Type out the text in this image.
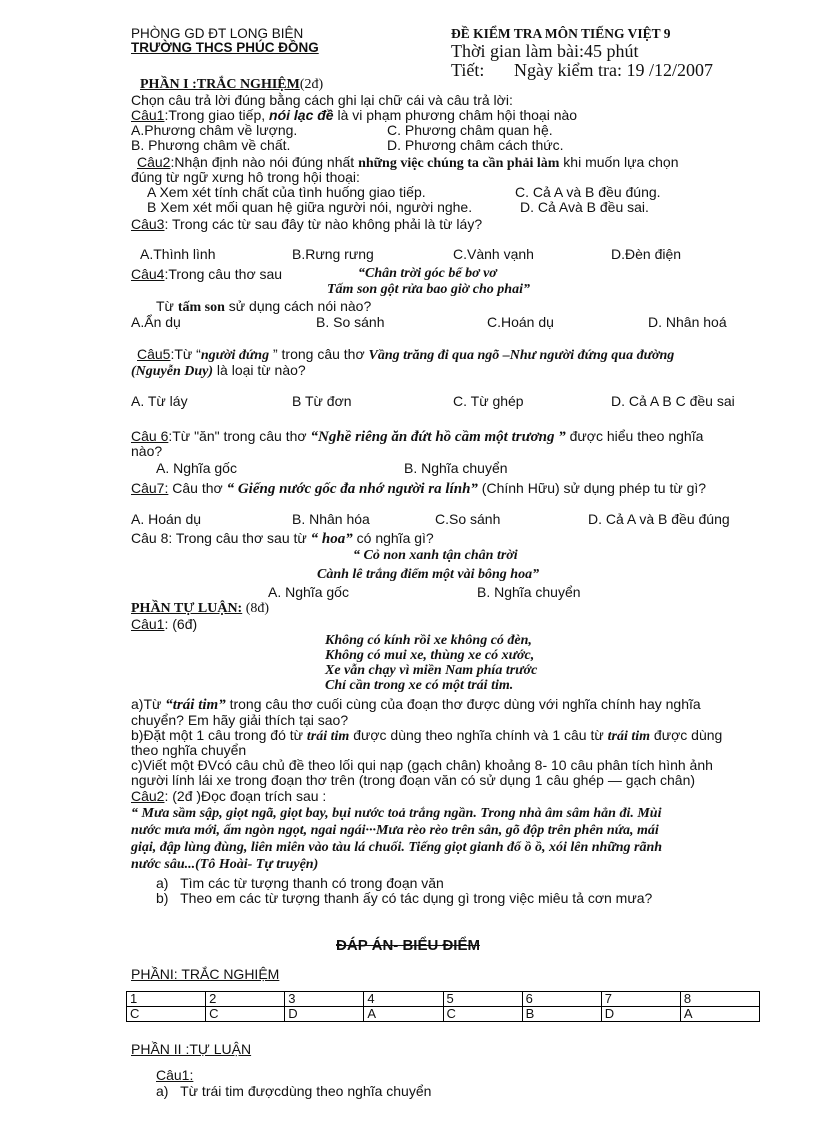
PHÒNG GD ĐT LONG BIÊN
TRƯỜNG THCS PHÚC ĐỒNG
ĐỀ KIỂM TRA MÔN TIẾNG VIỆT 9
Thời gian làm bài:45 phút
Tiết: Ngày kiểm tra: 19 /12/2007
PHẦN I :TRẮC NGHIỆM(2đ)
Chọn câu trả lời đúng bằng cách ghi lại chữ cái và câu trả lời:
Câu1:Trong giao tiếp, nói lạc đề là vi phạm phương châm hội thoại nào
A.Phương châm về lượng.	C. Phương châm quan hệ.
B. Phương châm về chất.	D. Phương châm cách thức.
Câu2:Nhận định nào nói đúng nhất những việc chúng ta cần phải làm khi muốn lựa chọn
đúng từ ngữ xưng hô trong hội thoại:
A Xem xét tính chất của tình huống giao tiếp.	C. Cả A và B đều đúng.
B Xem xét mối quan hệ giữa người nói, người nghe.	D. Cả Avà B đều sai.
Câu3: Trong các từ sau đây từ nào không phải là từ láy?
A.Thình lình	B.Rưng rưng	C.Vành vạnh	D.Đèn điện
Câu4:Trong câu thơ sau	“Chân trời góc bể bơ vơ
Tấm son gột rửa bao giờ cho phai”
Từ tấm son sử dụng cách nói nào?
A.Ẩn dụ	B. So sánh	C.Hoán dụ	D. Nhân hoá
Câu5:Từ “người đứng ” trong câu thơ Vầng trăng đi qua ngõ –Như người đứng qua đường
(Nguyễn Duy) là loại từ nào?
A. Từ láy	B Từ đơn	C. Từ ghép	D. Cả A B C đều sai
Câu 6:Từ "ăn" trong câu thơ “Nghề riêng ăn đứt hồ cầm một trương ” được hiểu theo nghĩa
nào?
A. Nghĩa gốc	B. Nghĩa chuyển
Câu7: Câu thơ “ Giếng nước gốc đa nhớ người ra lính” (Chính Hữu) sử dụng phép tu từ gì?
A. Hoán dụ	B. Nhân hóa	C.So sánh	D. Cả A và B đều đúng
Câu 8: Trong câu thơ sau từ “ hoa” có nghĩa gì?
“ Cỏ non xanh tận chân trời
Cành lê trắng điểm một vài bông hoa”
A. Nghĩa gốc	B. Nghĩa chuyển
PHẦN TỰ LUẬN: (8đ)
Câu1: (6đ)
Không có kính rồi xe không có đèn,
Không có mui xe, thùng xe có xước,
Xe vẫn chạy vì miền Nam phía trước
Chỉ cần trong xe có một trái tim.
a)Từ “trái tim” trong câu thơ cuối cùng của đoạn thơ được dùng với nghĩa chính hay nghĩa
chuyển? Em hãy giải thích tại sao?
b)Đặt một 1 câu trong đó từ trái tim được dùng theo nghĩa chính và 1 câu từ trái tim được dùng
theo nghĩa chuyển
c)Viết một ĐVcó câu chủ đề theo lối qui nạp (gạch chân) khoảng 8- 10 câu phân tích hình ảnh
người lính lái xe trong đoạn thơ trên (trong đoạn văn có sử dụng 1 câu ghép — gạch chân)
Câu2: (2đ )Đọc đoạn trích sau :
“ Mưa sầm sập, giọt ngã, giọt bay, bụi nước toả trắng ngần. Trong nhà âm sâm hẳn đi. Mùi
nước mưa mới, ấm ngòn ngọt, ngai ngái···Mưa rèo rèo trên sân, gõ độp trên phên nứa, mái
giại, đập lùng đùng, liên miên vào tàu lá chuối. Tiếng giọt gianh đổ ồ ồ, xói lên những rãnh
nước sâu...(Tô Hoài- Tự truyện)
a)   Tìm các từ tượng thanh có trong đoạn văn
b)   Theo em các từ tượng thanh ấy có tác dụng gì trong việc miêu tả cơn mưa?
ĐÁP ÁN- BIỂU ĐIỂM
PHẦNI: TRẮC NGHIỆM
1	2	3	4	5	6	7	8
C	C	D	A	C	B	D	A
PHẦN II :TỰ LUẬN
Câu1:
a)   Từ trái tim đượcdùng theo nghĩa chuyển
